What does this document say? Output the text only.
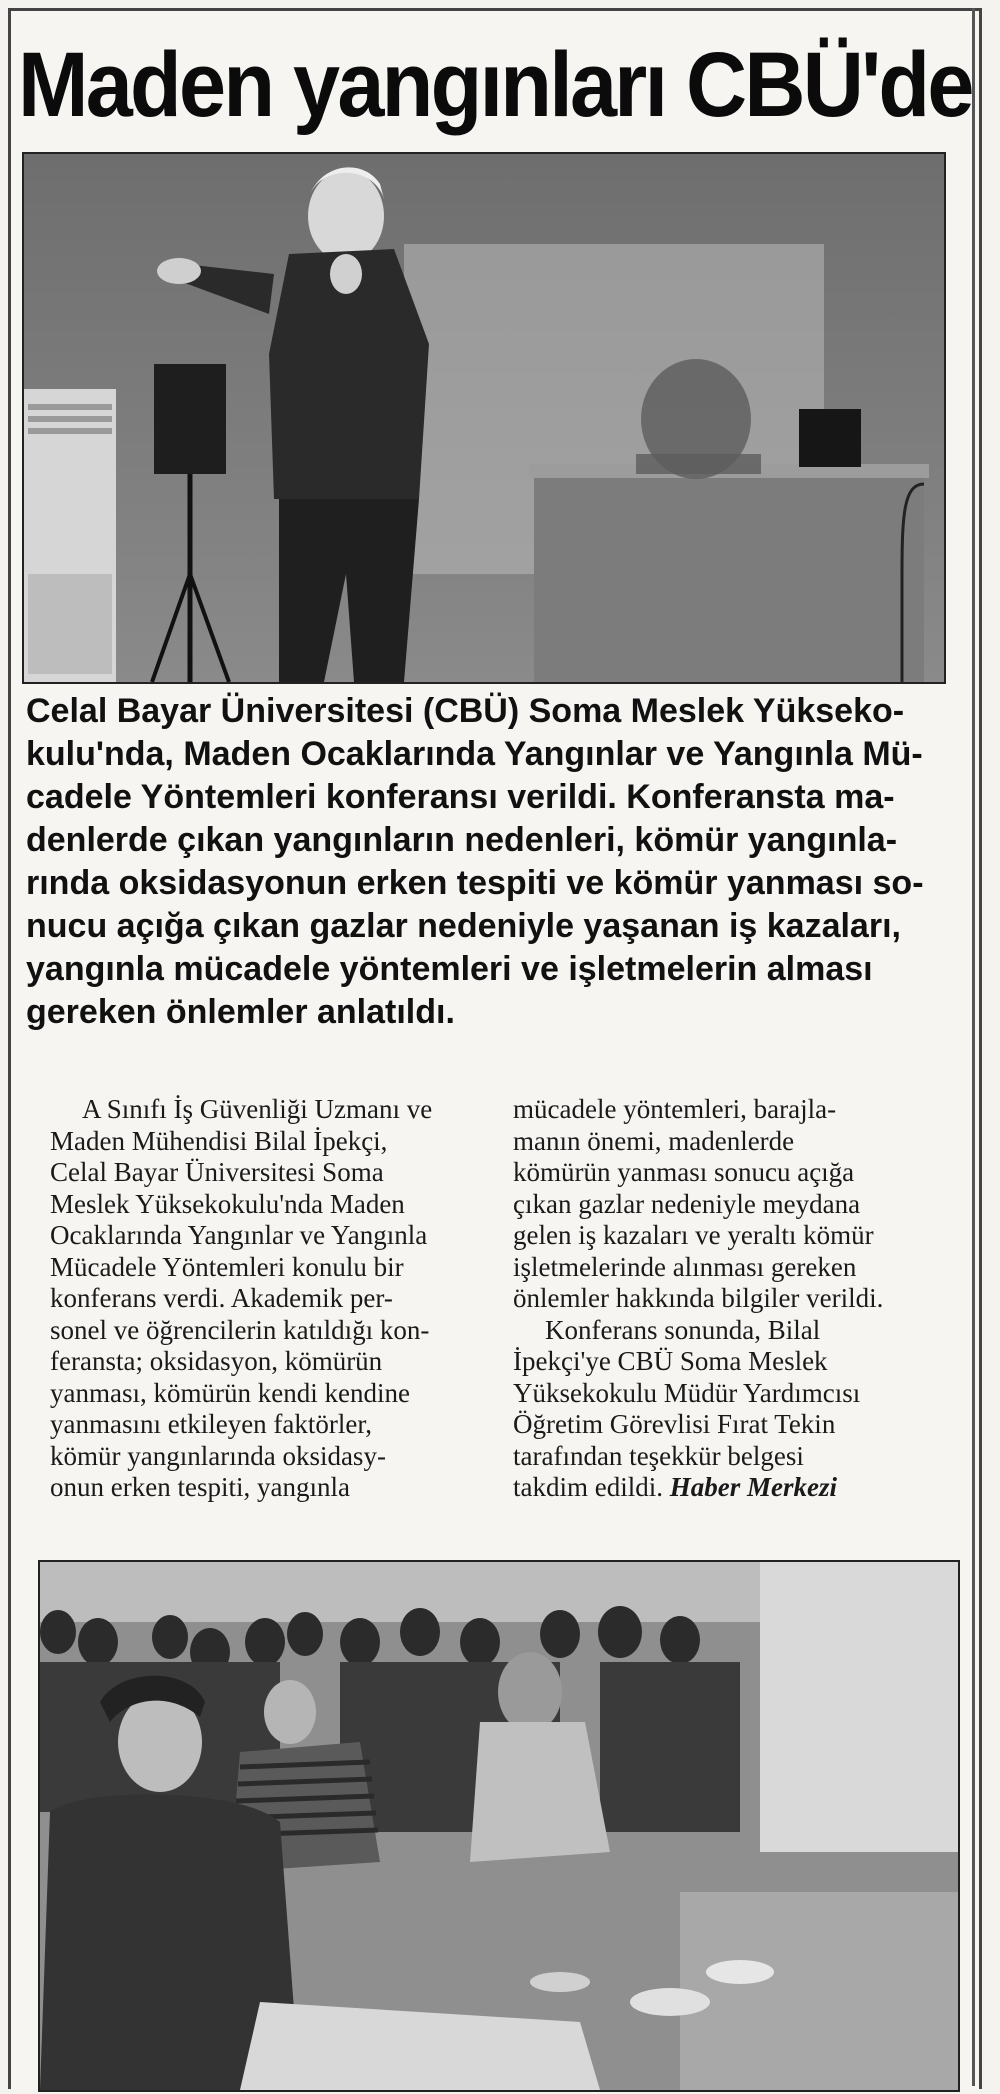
Maden yangınları CBÜ'de
Celal Bayar Üniversitesi (CBÜ) Soma Meslek Yükseko-
kulu'nda, Maden Ocaklarında Yangınlar ve Yangınla Mü-
cadele Yöntemleri konferansı verildi. Konferansta ma-
denlerde çıkan yangınların nedenleri, kömür yangınla-
rında oksidasyonun erken tespiti ve kömür yanması so-
nucu açığa çıkan gazlar nedeniyle yaşanan iş kazaları,
yangınla mücadele yöntemleri ve işletmelerin alması
gereken önlemler anlatıldı.
A Sınıfı İş Güvenliği Uzmanı ve
Maden Mühendisi Bilal İpekçi,
Celal Bayar Üniversitesi Soma
Meslek Yüksekokulu'nda Maden
Ocaklarında Yangınlar ve Yangınla
Mücadele Yöntemleri konulu bir
konferans verdi. Akademik per-
sonel ve öğrencilerin katıldığı kon-
feransta; oksidasyon, kömürün
yanması, kömürün kendi kendine
yanmasını etkileyen faktörler,
kömür yangınlarında oksidasy-
onun erken tespiti, yangınla
mücadele yöntemleri, barajla-
manın önemi, madenlerde
kömürün yanması sonucu açığa
çıkan gazlar nedeniyle meydana
gelen iş kazaları ve yeraltı kömür
işletmelerinde alınması gereken
önlemler hakkında bilgiler verildi.
Konferans sonunda, Bilal
İpekçi'ye CBÜ Soma Meslek
Yüksekokulu Müdür Yardımcısı
Öğretim Görevlisi Fırat Tekin
tarafından teşekkür belgesi
takdim edildi. Haber Merkezi
